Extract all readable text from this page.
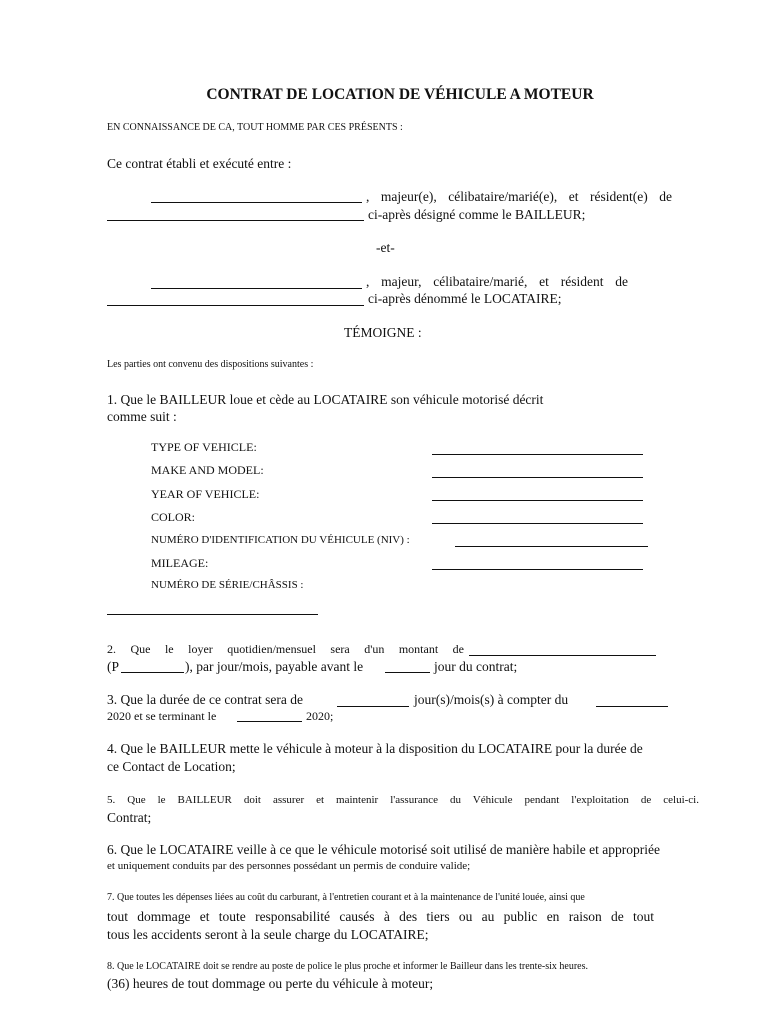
CONTRAT DE LOCATION DE VÉHICULE A MOTEUR
EN CONNAISSANCE DE CA, TOUT HOMME PAR CES PRÉSENTS :
Ce contrat établi et exécuté entre :
, majeur(e), célibataire/marié(e), et résident(e) de
ci-après désigné comme le BAILLEUR;
-et-
, majeur, célibataire/marié, et résident de
ci-après dénommé le LOCATAIRE;
TÉMOIGNE :
Les parties ont convenu des dispositions suivantes :
1. Que le BAILLEUR loue et cède au LOCATAIRE son véhicule motorisé décrit
comme suit :
TYPE OF VEHICLE:
MAKE AND MODEL:
YEAR OF VEHICLE:
COLOR:
NUMÉRO D'IDENTIFICATION DU VÉHICULE (NIV) :
MILEAGE:
NUMÉRO DE SÉRIE/CHÂSSIS :
2. Que le loyer quotidien/mensuel sera d'un montant de
(P	), par jour/mois, payable avant le	jour du contrat;
3. Que la durée de ce contrat sera de	jour(s)/mois(s) à compter du
2020 et se terminant le	2020;
4. Que le BAILLEUR mette le véhicule à moteur à la disposition du LOCATAIRE pour la durée de
ce Contact de Location;
5. Que le BAILLEUR doit assurer et maintenir l'assurance du Véhicule pendant l'exploitation de celui-ci.
Contrat;
6. Que le LOCATAIRE veille à ce que le véhicule motorisé soit utilisé de manière habile et appropriée
et uniquement conduits par des personnes possédant un permis de conduire valide;
7. Que toutes les dépenses liées au coût du carburant, à l'entretien courant et à la maintenance de l'unité louée, ainsi que
tout dommage et toute responsabilité causés à des tiers ou au public en raison de tout
tous les accidents seront à la seule charge du LOCATAIRE;
8. Que le LOCATAIRE doit se rendre au poste de police le plus proche et informer le Bailleur dans les trente-six heures.
(36) heures de tout dommage ou perte du véhicule à moteur;
